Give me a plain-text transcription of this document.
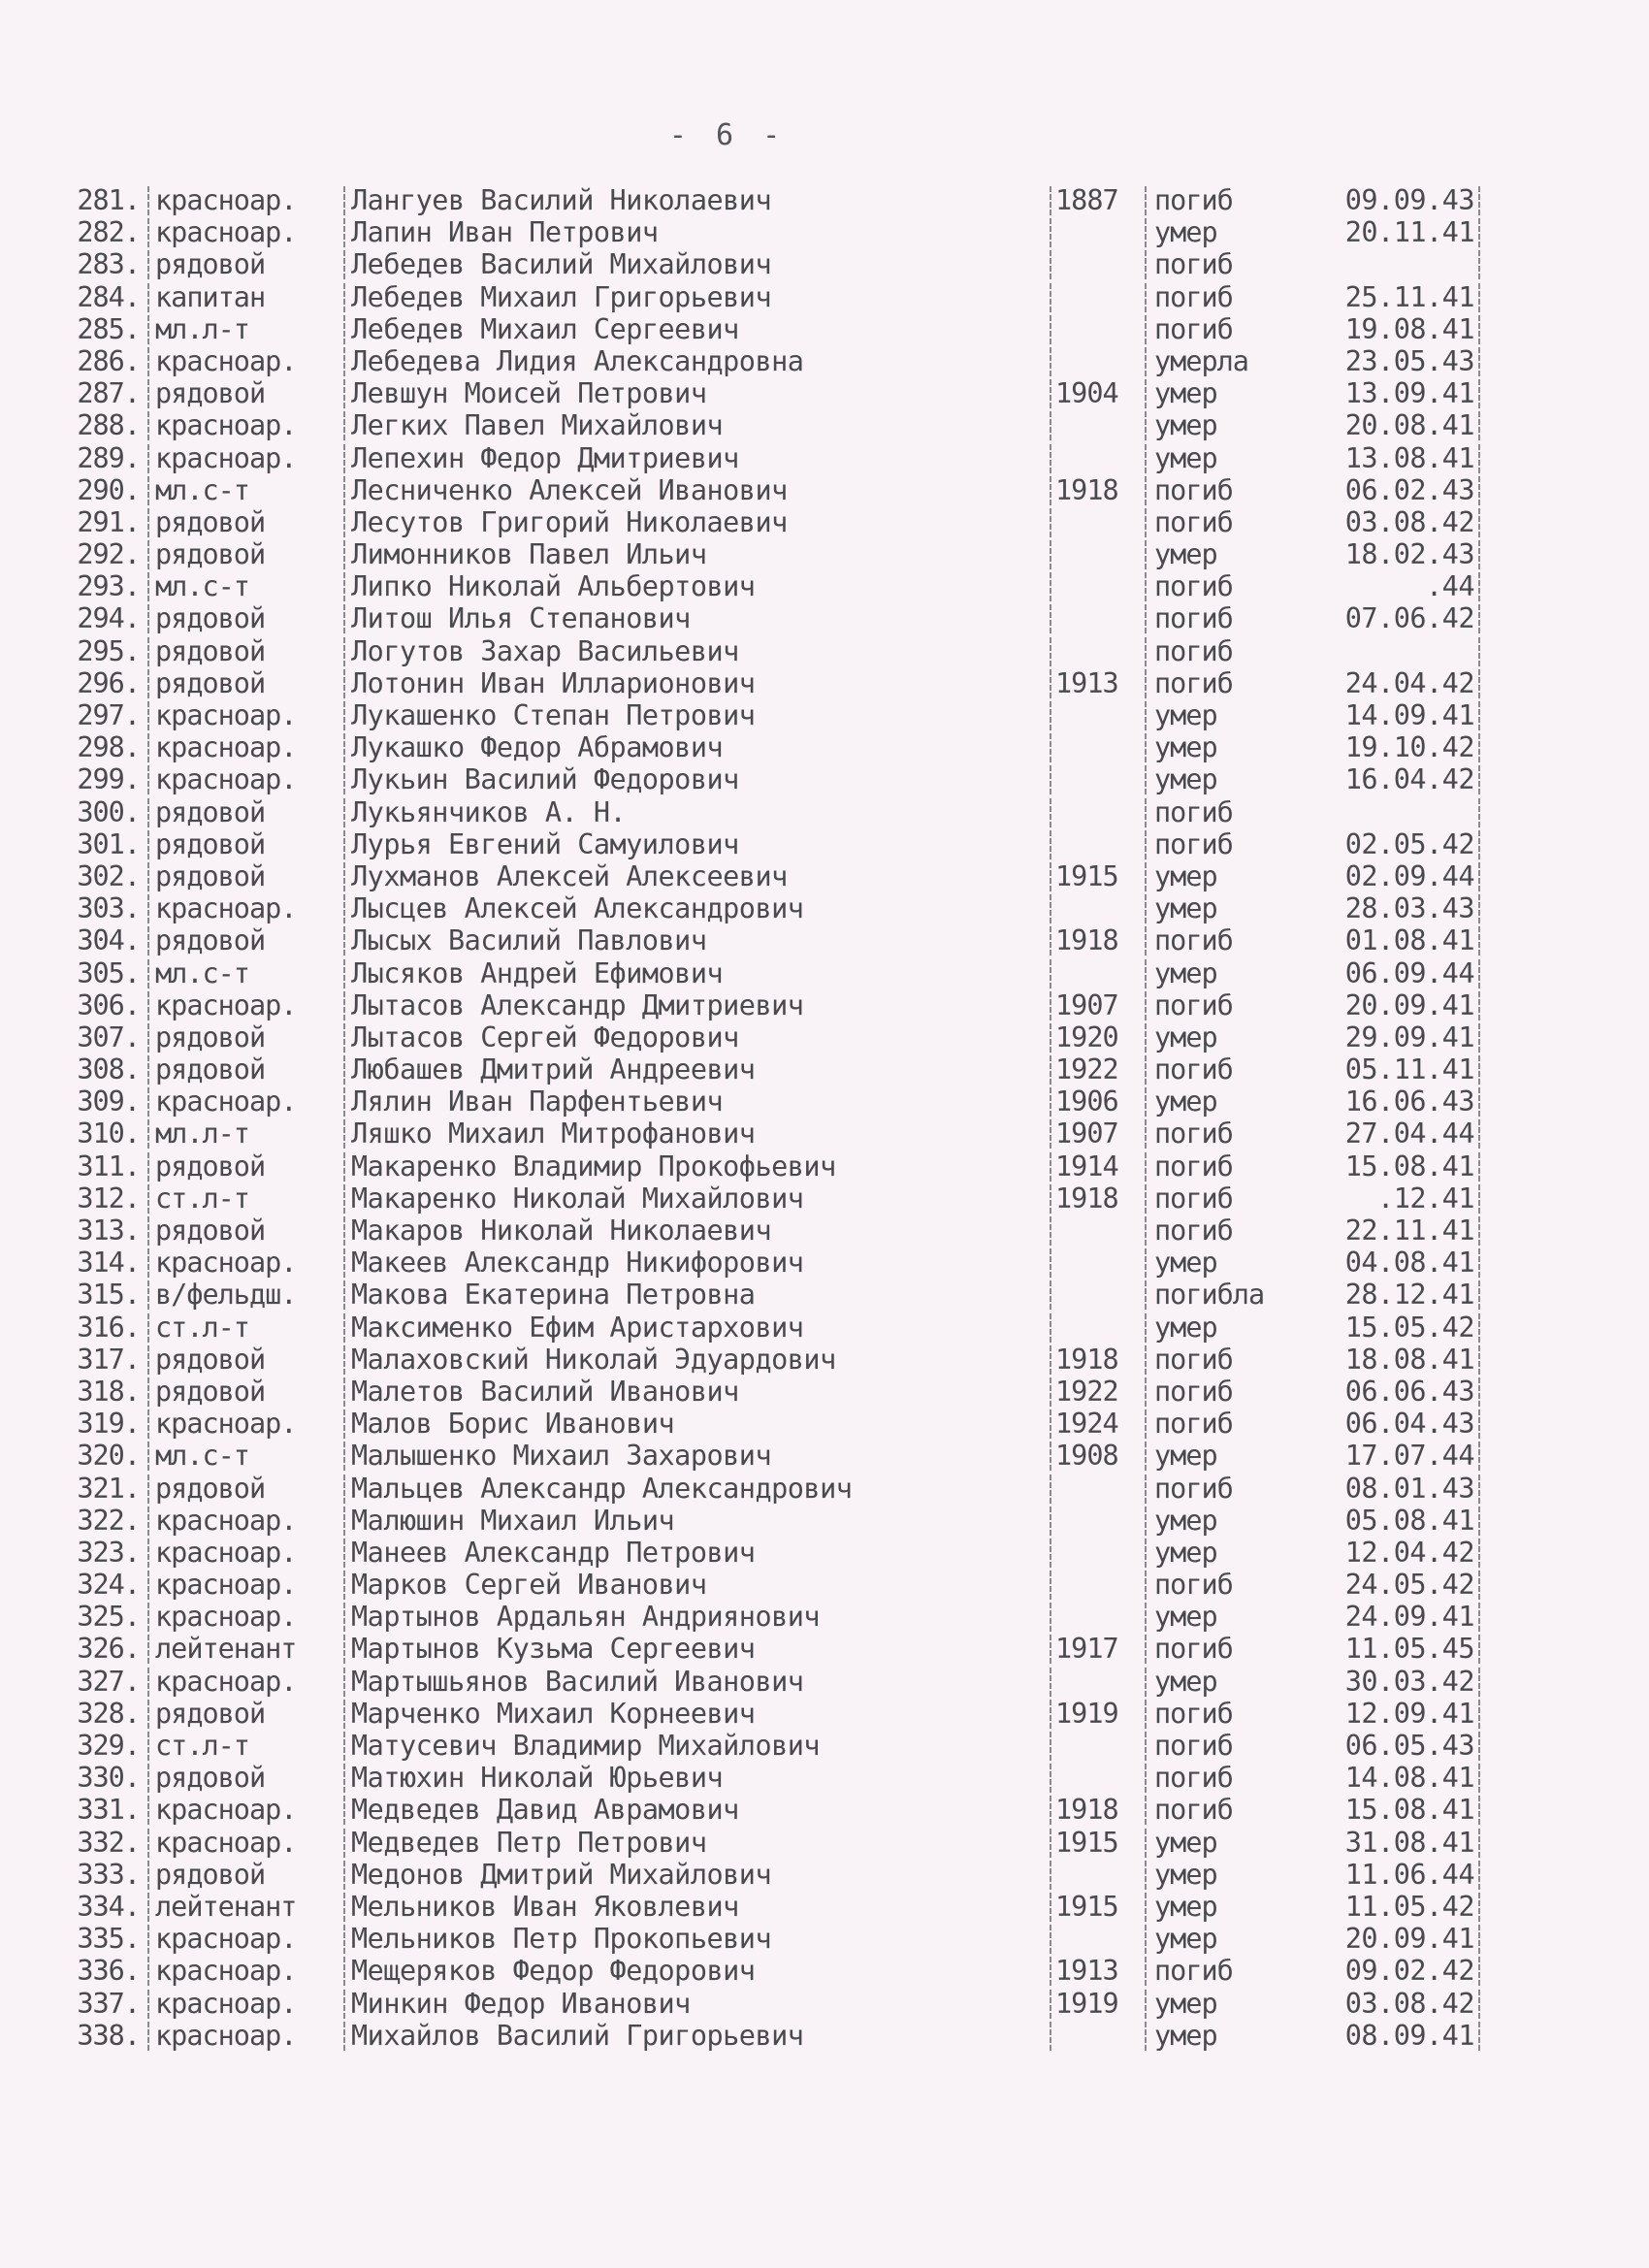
- 6 -
281. красноар.	Лангуев Василий Николаевич	1887	погиб	09.09.43
282. красноар.	Лапин Иван Петрович	умер	20.11.41
283. рядовой	Лебедев Василий Михайлович	погиб
284. капитан	Лебедев Михаил Григорьевич	погиб	25.11.41
285. мл.л-т	Лебедев Михаил Сергеевич	погиб	19.08.41
286. красноар.	Лебедева Лидия Александровна	умерла	23.05.43
287. рядовой	Левшун Моисей Петрович	1904	умер	13.09.41
288. красноар.	Легких Павел Михайлович	умер	20.08.41
289. красноар.	Лепехин Федор Дмитриевич	умер	13.08.41
290. мл.с-т	Лесниченко Алексей Иванович	1918	погиб	06.02.43
291. рядовой	Лесутов Григорий Николаевич	погиб	03.08.42
292. рядовой	Лимонников Павел Ильич	умер	18.02.43
293. мл.с-т	Липко Николай Альбертович	погиб	.44
294. рядовой	Литош Илья Степанович	погиб	07.06.42
295. рядовой	Логутов Захар Васильевич	погиб
296. рядовой	Лотонин Иван Илларионович	1913	погиб	24.04.42
297. красноар.	Лукашенко Степан Петрович	умер	14.09.41
298. красноар.	Лукашко Федор Абрамович	умер	19.10.42
299. красноар.	Лукьин Василий Федорович	умер	16.04.42
300. рядовой	Лукьянчиков А. Н.	погиб
301. рядовой	Лурья Евгений Самуилович	погиб	02.05.42
302. рядовой	Лухманов Алексей Алексеевич	1915	умер	02.09.44
303. красноар.	Лысцев Алексей Александрович	умер	28.03.43
304. рядовой	Лысых Василий Павлович	1918	погиб	01.08.41
305. мл.с-т	Лысяков Андрей Ефимович	умер	06.09.44
306. красноар.	Лытасов Александр Дмитриевич	1907	погиб	20.09.41
307. рядовой	Лытасов Сергей Федорович	1920	умер	29.09.41
308. рядовой	Любашев Дмитрий Андреевич	1922	погиб	05.11.41
309. красноар.	Лялин Иван Парфентьевич	1906	умер	16.06.43
310. мл.л-т	Ляшко Михаил Митрофанович	1907	погиб	27.04.44
311. рядовой	Макаренко Владимир Прокофьевич	1914	погиб	15.08.41
312. ст.л-т	Макаренко Николай Михайлович	1918	погиб	.12.41
313. рядовой	Макаров Николай Николаевич	погиб	22.11.41
314. красноар.	Макеев Александр Никифорович	умер	04.08.41
315. в/фельдш.	Макова Екатерина Петровна	погибла	28.12.41
316. ст.л-т	Максименко Ефим Аристархович	умер	15.05.42
317. рядовой	Малаховский Николай Эдуардович	1918	погиб	18.08.41
318. рядовой	Малетов Василий Иванович	1922	погиб	06.06.43
319. красноар.	Малов Борис Иванович	1924	погиб	06.04.43
320. мл.с-т	Малышенко Михаил Захарович	1908	умер	17.07.44
321. рядовой	Мальцев Александр Александрович	погиб	08.01.43
322. красноар.	Малюшин Михаил Ильич	умер	05.08.41
323. красноар.	Манеев Александр Петрович	умер	12.04.42
324. красноар.	Марков Сергей Иванович	погиб	24.05.42
325. красноар.	Мартынов Ардальян Андриянович	умер	24.09.41
326. лейтенант	Мартынов Кузьма Сергеевич	1917	погиб	11.05.45
327. красноар.	Мартышьянов Василий Иванович	умер	30.03.42
328. рядовой	Марченко Михаил Корнеевич	1919	погиб	12.09.41
329. ст.л-т	Матусевич Владимир Михайлович	погиб	06.05.43
330. рядовой	Матюхин Николай Юрьевич	погиб	14.08.41
331. красноар.	Медведев Давид Аврамович	1918	погиб	15.08.41
332. красноар.	Медведев Петр Петрович	1915	умер	31.08.41
333. рядовой	Медонов Дмитрий Михайлович	умер	11.06.44
334. лейтенант	Мельников Иван Яковлевич	1915	умер	11.05.42
335. красноар.	Мельников Петр Прокопьевич	умер	20.09.41
336. красноар.	Мещеряков Федор Федорович	1913	погиб	09.02.42
337. красноар.	Минкин Федор Иванович	1919	умер	03.08.42
338. красноар.	Михайлов Василий Григорьевич	умер	08.09.41
